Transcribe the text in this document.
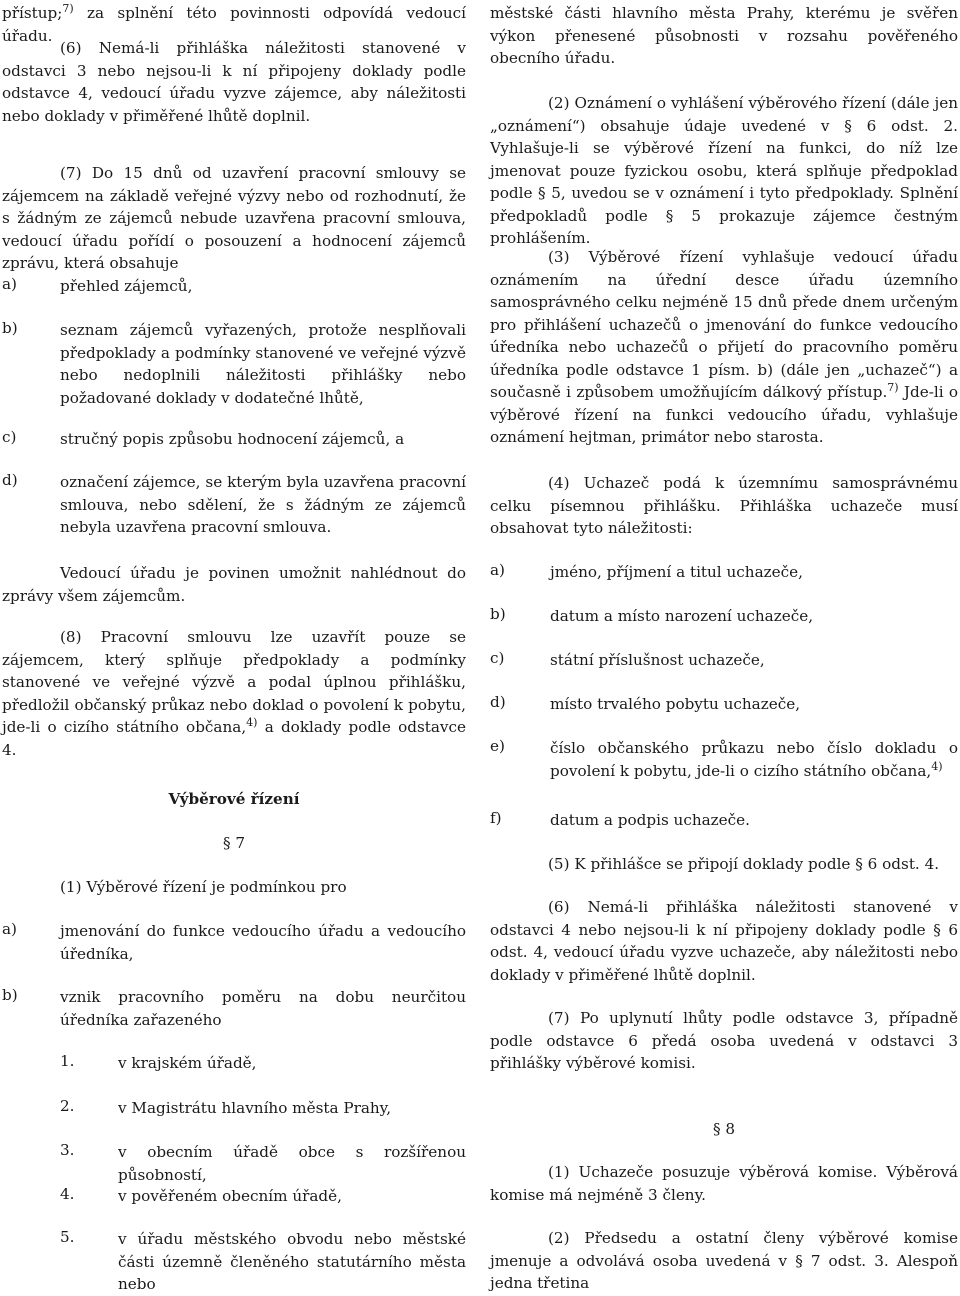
přístup;$^{7)}$ za splnění této povinnosti odpovídá vedoucí úřadu.

(6) Nemá-li přihláška náležitosti stanovené v odstavci 3 nebo nejsou-li k ní připojeny doklady podle odstavce 4, vedoucí úřadu vyzve zájemce, aby náležitosti nebo doklady v přiměřené lhůtě doplnil.

(7) Do 15 dnů od uzavření pracovní smlouvy se zájemcem na základě veřejné výzvy nebo od rozhodnutí, že s žádným ze zájemců nebude uzavřena pracovní smlouva, vedoucí úřadu pořídí o posouzení a hodnocení zájemců zprávu, která obsahuje

a)	přehled zájemců,
b)	seznam zájemců vyřazených, protože nesplňovali předpoklady a podmínky stanovené ve veřejné výzvě nebo nedoplnili náležitosti přihlášky nebo požadované doklady v dodatečné lhůtě,
c)	stručný popis způsobu hodnocení zájemců, a
d)	označení zájemce, se kterým byla uzavřena pracovní smlouva, nebo sdělení, že s žádným ze zájemců nebyla uzavřena pracovní smlouva.

Vedoucí úřadu je povinen umožnit nahlédnout do zprávy všem zájemcům.

(8) Pracovní smlouvu lze uzavřít pouze se zájemcem, který splňuje předpoklady a podmínky stanovené ve veřejné výzvě a podal úplnou přihlášku, předložil občanský průkaz nebo doklad o povolení k pobytu, jde-li o cizího státního občana,$^{4)}$ a doklady podle odstavce 4.

Výběrové řízení

§ 7

(1) Výběrové řízení je podmínkou pro

a)	jmenování do funkce vedoucího úřadu a vedoucího úředníka,
b)	vznik pracovního poměru na dobu neurčitou úředníka zařazeného
1.	v krajském úřadě,
2.	v Magistrátu hlavního města Prahy,
3.	v obecním úřadě obce s rozšířenou působností,
4.	v pověřeném obecním úřadě,
5.	v úřadu městského obvodu nebo městské části územně členěného statutárního města nebo

městské části hlavního města Prahy, kterému je svěřen výkon přenesené působnosti v rozsahu pověřeného obecního úřadu.

(2) Oznámení o vyhlášení výběrového řízení (dále jen „oznámení“) obsahuje údaje uvedené v § 6 odst. 2. Vyhlašuje-li se výběrové řízení na funkci, do níž lze jmenovat pouze fyzickou osobu, která splňuje předpoklad podle § 5, uvedou se v oznámení i tyto předpoklady. Splnění předpokladů podle § 5 prokazuje zájemce čestným prohlášením.

(3) Výběrové řízení vyhlašuje vedoucí úřadu oznámením na úřední desce úřadu územního samosprávného celku nejméně 15 dnů přede dnem určeným pro přihlášení uchazečů o jmenování do funkce vedoucího úředníka nebo uchazečů o přijetí do pracovního poměru úředníka podle odstavce 1 písm. b) (dále jen „uchazeč“) a současně i způsobem umožňujícím dálkový přístup.$^{7)}$ Jde-li o výběrové řízení na funkci vedoucího úřadu, vyhlašuje oznámení hejtman, primátor nebo starosta.

(4) Uchazeč podá k územnímu samosprávnému celku písemnou přihlášku. Přihláška uchazeče musí obsahovat tyto náležitosti:

a)	jméno, příjmení a titul uchazeče,
b)	datum a místo narození uchazeče,
c)	státní příslušnost uchazeče,
d)	místo trvalého pobytu uchazeče,
e)	číslo občanského průkazu nebo číslo dokladu o povolení k pobytu, jde-li o cizího státního občana,$^{4)}$
f)	datum a podpis uchazeče.

(5) K přihlášce se připojí doklady podle § 6 odst. 4.

(6) Nemá-li přihláška náležitosti stanovené v odstavci 4 nebo nejsou-li k ní připojeny doklady podle § 6 odst. 4, vedoucí úřadu vyzve uchazeče, aby náležitosti nebo doklady v přiměřené lhůtě doplnil.

(7) Po uplynutí lhůty podle odstavce 3, případně podle odstavce 6 předá osoba uvedená v odstavci 3 přihlášky výběrové komisi.

§ 8

(1) Uchazeče posuzuje výběrová komise. Výběrová komise má nejméně 3 členy.

(2) Předsedu a ostatní členy výběrové komise jmenuje a odvolává osoba uvedená v § 7 odst. 3. Alespoň jedna třetina
